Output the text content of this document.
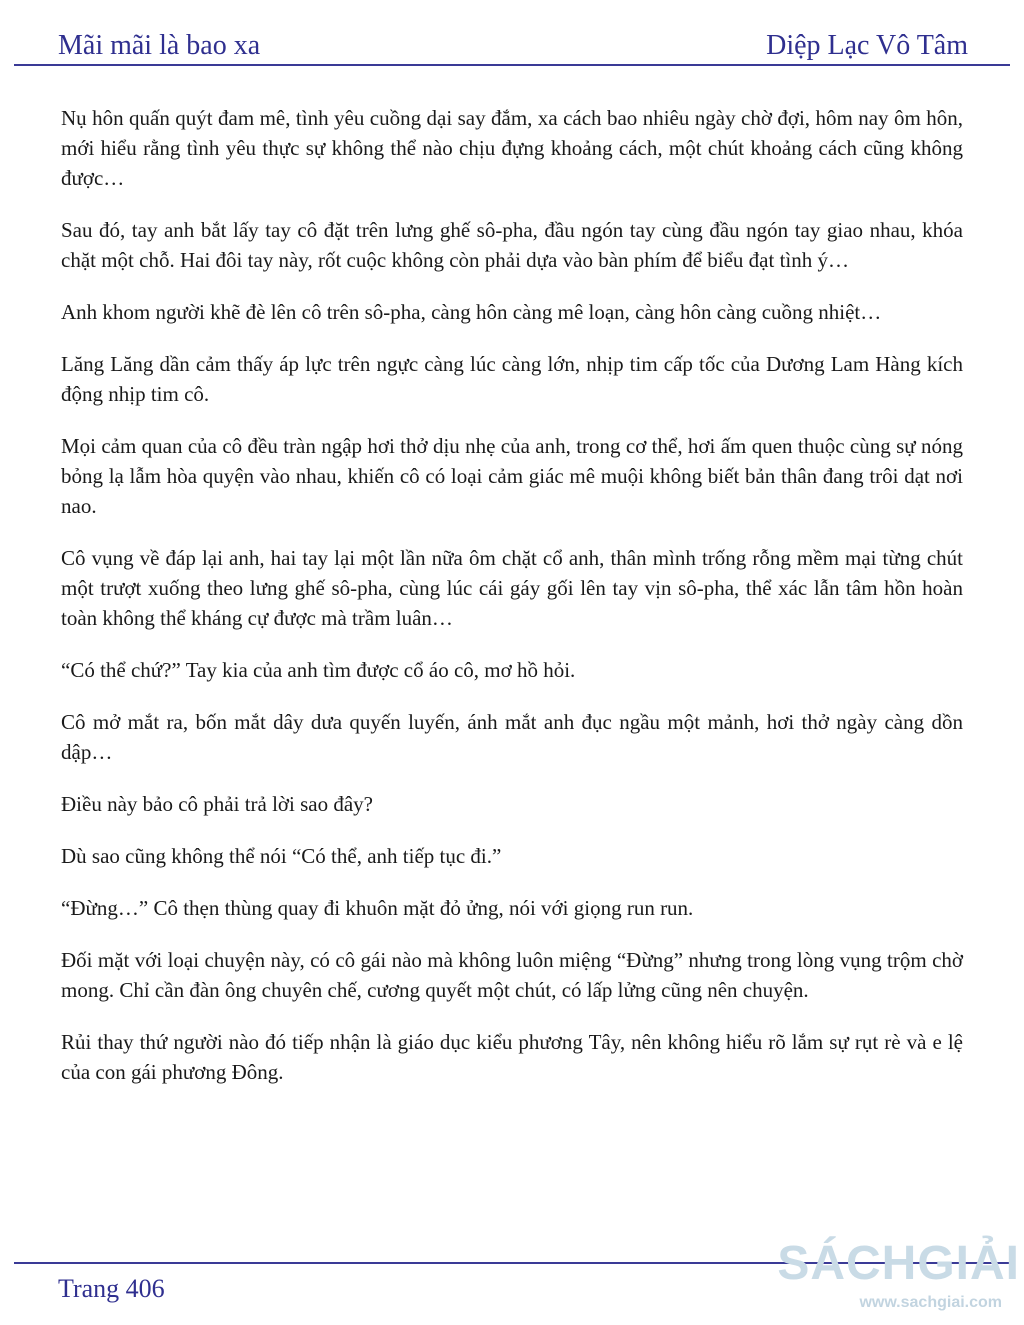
Mãi mãi là bao xa	Diệp Lạc Vô Tâm

Nụ hôn quấn quýt đam mê, tình yêu cuồng dại say đắm, xa cách bao nhiêu ngày chờ đợi, hôm nay ôm hôn, mới hiểu rằng tình yêu thực sự không thể nào chịu đựng khoảng cách, một chút khoảng cách cũng không được…

Sau đó, tay anh bắt lấy tay cô đặt trên lưng ghế sô-pha, đầu ngón tay cùng đầu ngón tay giao nhau, khóa chặt một chỗ. Hai đôi tay này, rốt cuộc không còn phải dựa vào bàn phím để biểu đạt tình ý…

Anh khom người khẽ đè lên cô trên sô-pha, càng hôn càng mê loạn, càng hôn càng cuồng nhiệt…

Lăng Lăng dần cảm thấy áp lực trên ngực càng lúc càng lớn, nhịp tim cấp tốc của Dương Lam Hàng kích động nhịp tim cô.

Mọi cảm quan của cô đều tràn ngập hơi thở dịu nhẹ của anh, trong cơ thể, hơi ấm quen thuộc cùng sự nóng bỏng lạ lẫm hòa quyện vào nhau, khiến cô có loại cảm giác mê muội không biết bản thân đang trôi dạt nơi nao.

Cô vụng về đáp lại anh, hai tay lại một lần nữa ôm chặt cổ anh, thân mình trống rỗng mềm mại từng chút một trượt xuống theo lưng ghế sô-pha, cùng lúc cái gáy gối lên tay vịn sô-pha, thể xác lẫn tâm hồn hoàn toàn không thể kháng cự được mà trầm luân…

“Có thể chứ?” Tay kia của anh tìm được cổ áo cô, mơ hồ hỏi.

Cô mở mắt ra, bốn mắt dây dưa quyến luyến, ánh mắt anh đục ngầu một mảnh, hơi thở ngày càng dồn dập…

Điều này bảo cô phải trả lời sao đây?

Dù sao cũng không thể nói “Có thể, anh tiếp tục đi.”

“Đừng…” Cô thẹn thùng quay đi khuôn mặt đỏ ửng, nói với giọng run run.

Đối mặt với loại chuyện này, có cô gái nào mà không luôn miệng “Đừng” nhưng trong lòng vụng trộm chờ mong. Chỉ cần đàn ông chuyên chế, cương quyết một chút, có lấp lửng cũng nên chuyện.

Rủi thay thứ người nào đó tiếp nhận là giáo dục kiểu phương Tây, nên không hiểu rõ lắm sự rụt rè và e lệ của con gái phương Đông.

Trang 406	SÁCHGIẢI
www.sachgiai.com
